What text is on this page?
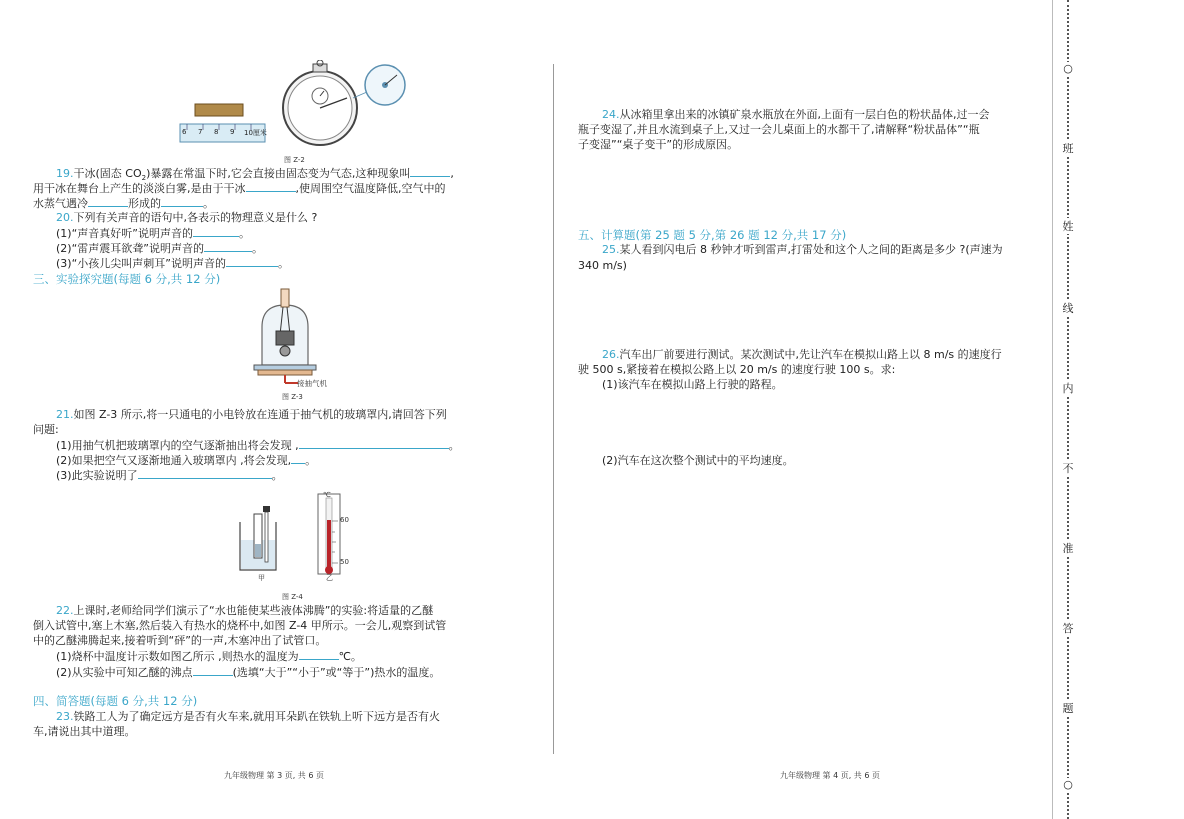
6 7 8 9 10厘米
图 Z-2
19.干冰(固态 $CO_2$)暴露在常温下时,它会直接由固态变为气态,这种现象叫	,
用干冰在舞台上产生的淡淡白雾,是由于干冰	,使周围空气温度降低,空气中的
水蒸气遇冷	形成的	。
20.下列有关声音的语句中,各表示的物理意义是什么 ?
(1)“声音真好听”说明声音的	。
(2)“雷声震耳欲聋”说明声音的	。
(3)“小孩儿尖叫声刺耳”说明声音的	。
三、实验探究题(每题 6 分,共 12 分)
接抽气机
图 Z-3
21.如图 Z-3 所示,将一只通电的小电铃放在连通于抽气机的玻璃罩内,请回答下列
问题:
(1)用抽气机把玻璃罩内的空气逐渐抽出将会发现 ,	。
(2)如果把空气又逐渐地通入玻璃罩内 ,将会发现, 。
(3)此实验说明了	。
℃
60
50
甲	乙
图 Z-4
22.上课时,老师给同学们演示了“水也能使某些液体沸腾”的实验:将适量的乙醚
倒入试管中,塞上木塞,然后装入有热水的烧杯中,如图 Z-4 甲所示。一会儿,观察到试管
中的乙醚沸腾起来,接着听到“砰”的一声,木塞冲出了试管口。
(1)烧杯中温度计示数如图乙所示 ,则热水的温度为	℃。
(2)从实验中可知乙醚的沸点	(选填“大于”“小于”或“等于”)热水的温度。
四、简答题(每题 6 分,共 12 分)
23.铁路工人为了确定远方是否有火车来,就用耳朵趴在铁轨上听下远方是否有火
车,请说出其中道理。
九年级物理 第 3 页, 共 6 页
24.从冰箱里拿出来的冰镇矿泉水瓶放在外面,上面有一层白色的粉状晶体,过一会
瓶子变湿了,并且水流到桌子上,又过一会儿桌面上的水都干了,请解释“粉状晶体”“瓶
子变湿”“桌子变干”的形成原因。
五、计算题(第 25 题 5 分,第 26 题 12 分,共 17 分)
25.某人看到闪电后 8 秒钟才听到雷声,打雷处和这个人之间的距离是多少 ?(声速为
340 m/s)
26.汽车出厂前要进行测试。某次测试中,先让汽车在模拟山路上以 8 m/s 的速度行
驶 500 s,紧接着在模拟公路上以 20 m/s 的速度行驶 100 s。求:
(1)该汽车在模拟山路上行驶的路程。
(2)汽车在这次整个测试中的平均速度。
九年级物理 第 4 页, 共 6 页
○
班
姓
线
内
不
准
答
题
○
